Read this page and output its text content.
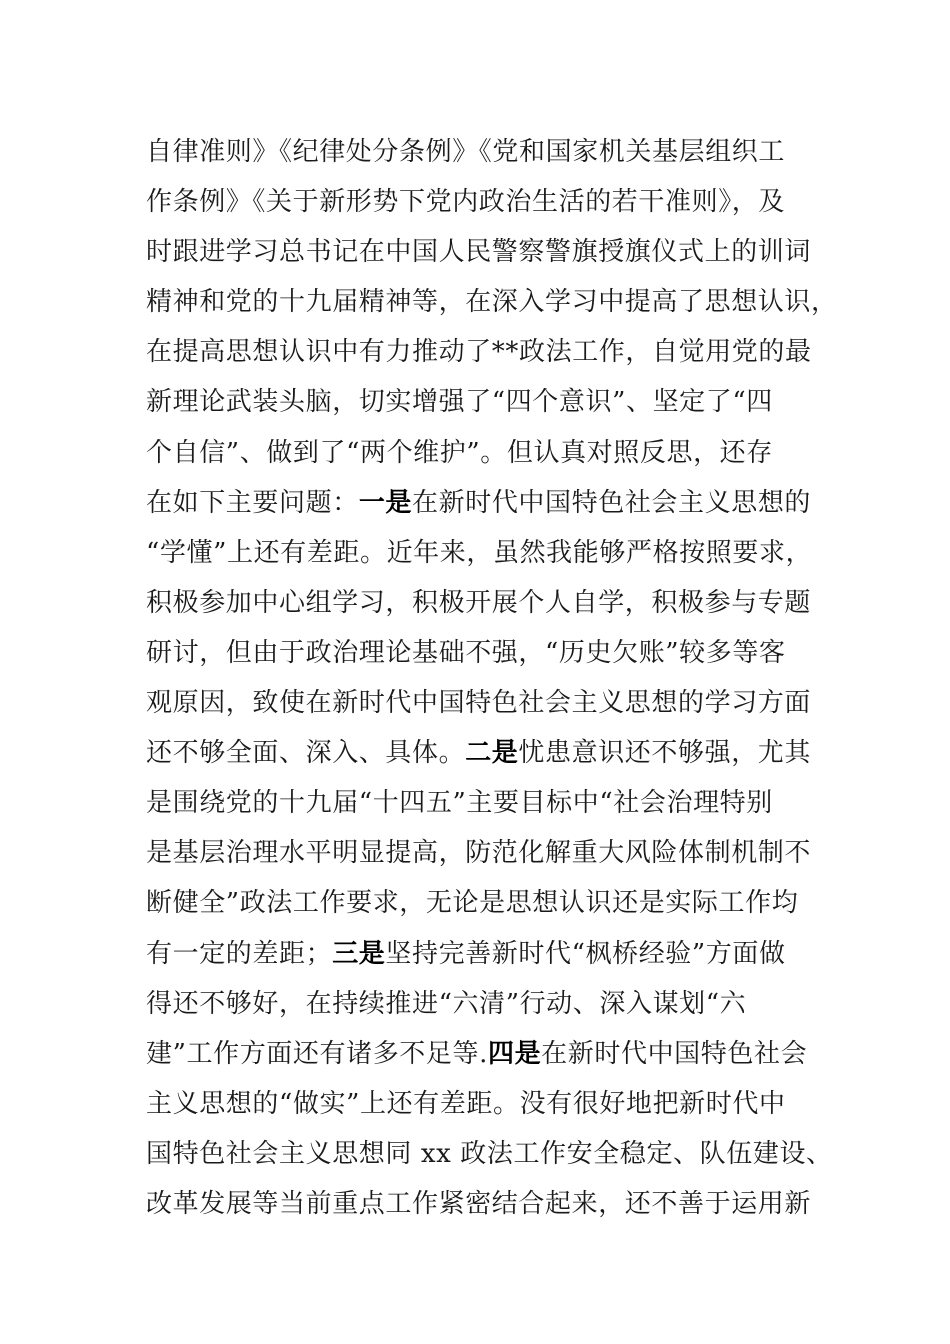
自律准则》《纪律处分条例》《党和国家机关基层组织工
作条例》《关于新形势下党内政治生活的若干准则》，及
时跟进学习总书记在中国人民警察警旗授旗仪式上的训词
精神和党的十九届精神等，在深入学习中提高了思想认识，
在提高思想认识中有力推动了**政法工作，自觉用党的最
新理论武装头脑，切实增强了“四个意识”、坚定了“四
个自信”、做到了“两个维护”。但认真对照反思，还存
在如下主要问题：一是在新时代中国特色社会主义思想的
“学懂”上还有差距。近年来，虽然我能够严格按照要求，
积极参加中心组学习，积极开展个人自学，积极参与专题
研讨，但由于政治理论基础不强，“历史欠账”较多等客
观原因，致使在新时代中国特色社会主义思想的学习方面
还不够全面、深入、具体。二是忧患意识还不够强，尤其
是围绕党的十九届“十四五”主要目标中“社会治理特别
是基层治理水平明显提高，防范化解重大风险体制机制不
断健全”政法工作要求，无论是思想认识还是实际工作均
有一定的差距；三是坚持完善新时代“枫桥经验”方面做
得还不够好，在持续推进“六清”行动、深入谋划“六
建”工作方面还有诸多不足等.四是在新时代中国特色社会
主义思想的“做实”上还有差距。没有很好地把新时代中
国特色社会主义思想同 xx 政法工作安全稳定、队伍建设、
改革发展等当前重点工作紧密结合起来，还不善于运用新
